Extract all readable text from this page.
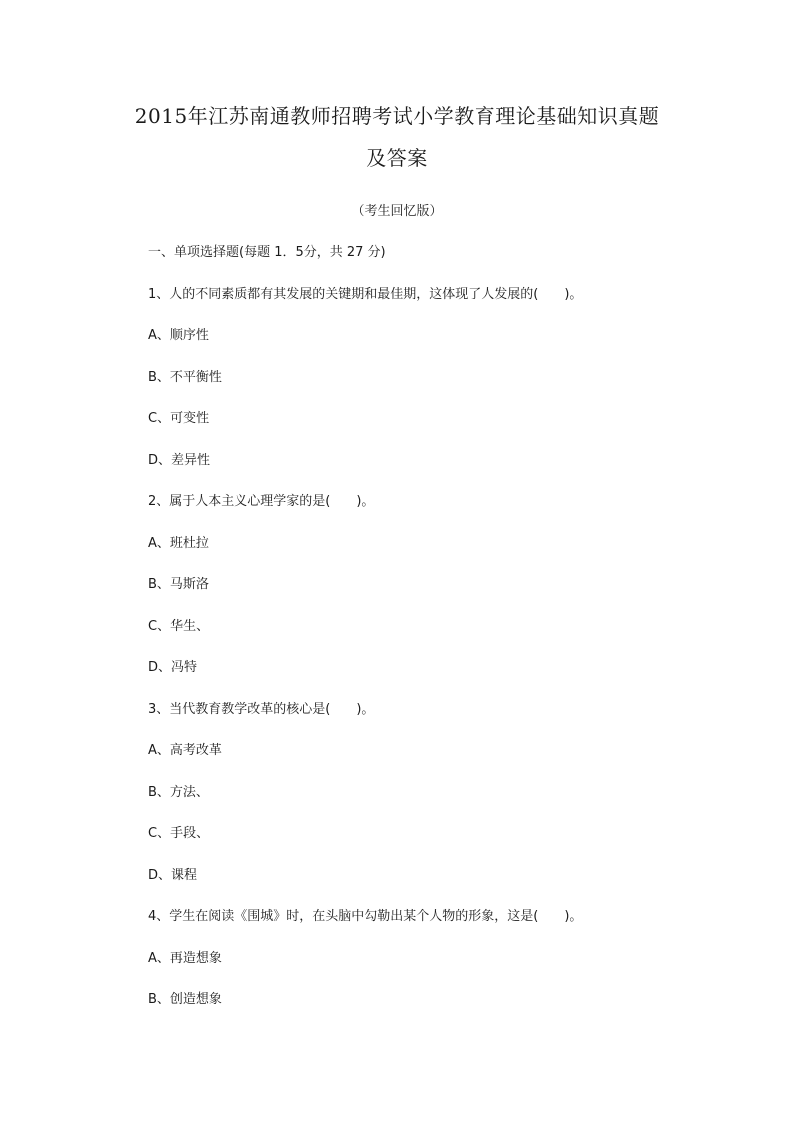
2015年江苏南通教师招聘考试小学教育理论基础知识真题
及答案
（考生回忆版）
一、单项选择题(每题 1．5分，共 27 分)
1、人的不同素质都有其发展的关键期和最佳期，这体现了人发展的(　　)。
A、顺序性
B、不平衡性
C、可变性
D、差异性
2、属于人本主义心理学家的是(　　)。
A、班杜拉
B、马斯洛
C、华生、
D、冯特
3、当代教育教学改革的核心是(　　)。
A、高考改革
B、方法、
C、手段、
D、课程
4、学生在阅读《围城》时，在头脑中勾勒出某个人物的形象，这是(　　)。
A、再造想象
B、创造想象
